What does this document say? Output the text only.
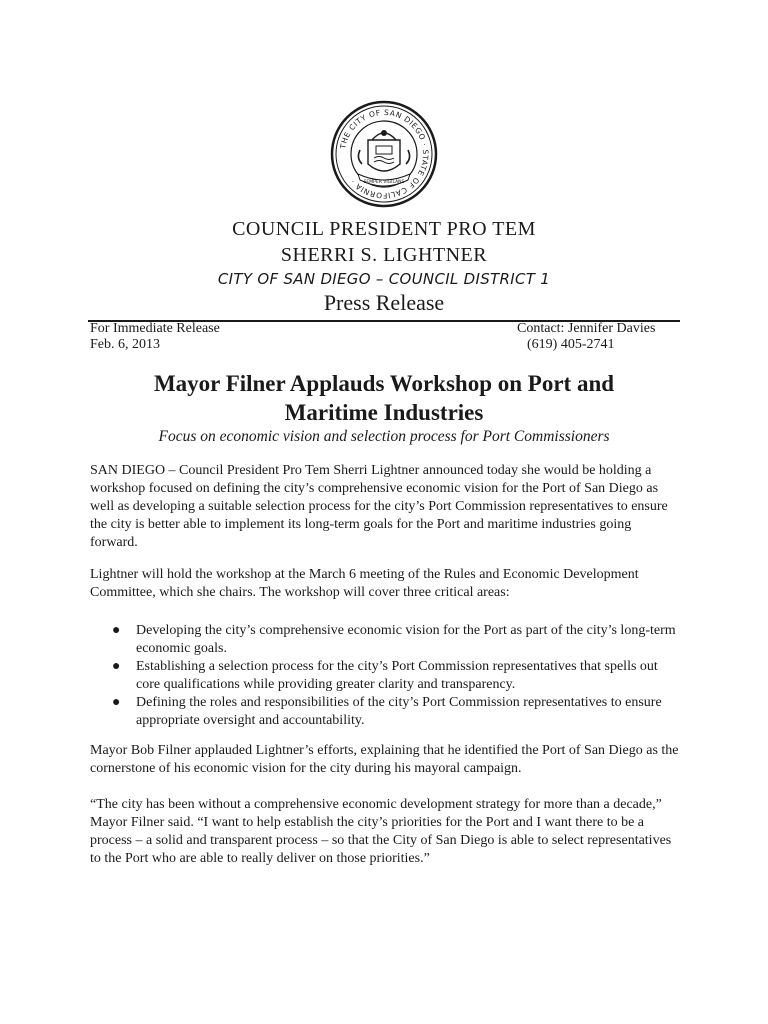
THE CITY OF SAN DIEGO · STATE OF CALIFORNIA ·	SEMPER VIGILANS
COUNCIL PRESIDENT PRO TEM
SHERRI S. LIGHTNER
CITY OF SAN DIEGO – COUNCIL DISTRICT 1
Press Release
For Immediate Release
Feb. 6, 2013
Contact: Jennifer Davies
(619) 405-2741
Mayor Filner Applauds Workshop on Port and
Maritime Industries
Focus on economic vision and selection process for Port Commissioners
SAN DIEGO – Council President Pro Tem Sherri Lightner announced today she would be holding a workshop focused on defining the city’s comprehensive economic vision for the Port of San Diego as well as developing a suitable selection process for the city’s Port Commission representatives to ensure the city is better able to implement its long-term goals for the Port and maritime industries going forward.
Lightner will hold the workshop at the March 6 meeting of the Rules and Economic Development Committee, which she chairs. The workshop will cover three critical areas:
● Developing the city’s comprehensive economic vision for the Port as part of the city’s long-term economic goals.
● Establishing a selection process for the city’s Port Commission representatives that spells out core qualifications while providing greater clarity and transparency.
● Defining the roles and responsibilities of the city’s Port Commission representatives to ensure appropriate oversight and accountability.
Mayor Bob Filner applauded Lightner’s efforts, explaining that he identified the Port of San Diego as the cornerstone of his economic vision for the city during his mayoral campaign.
“The city has been without a comprehensive economic development strategy for more than a decade,” Mayor Filner said. “I want to help establish the city’s priorities for the Port and I want there to be a process – a solid and transparent process – so that the City of San Diego is able to select representatives to the Port who are able to really deliver on those priorities.”
